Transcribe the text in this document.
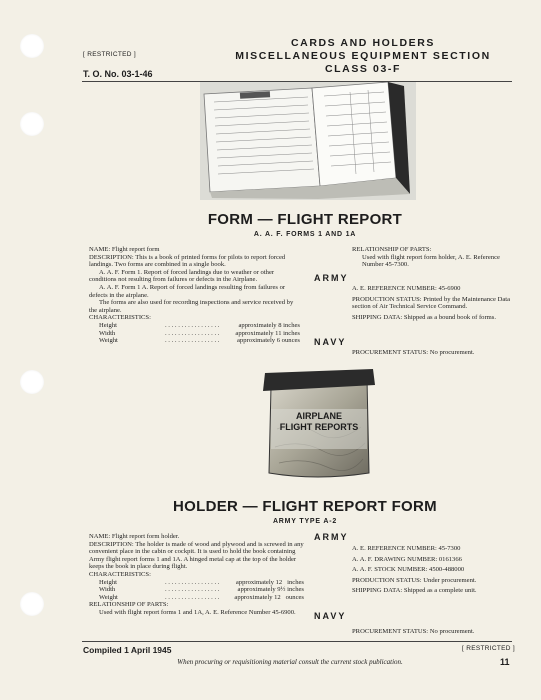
[ RESTRICTED ]
CARDS AND HOLDERS
MISCELLANEOUS EQUIPMENT SECTION
CLASS 03-F
T. O. No. 03-1-46
FORM — FLIGHT REPORT
A. A. F. FORMS 1 AND 1A
NAME: Flight report form
DESCRIPTION: This is a book of printed forms for pilots to report forced landings. Two forms are combined in a single book.
A. A. F. Form 1. Report of forced landings due to weather or other conditions not resulting from failures or defects in the Airplane.
A. A. F. Form 1 A. Report of forced landings resulting from failures or defects in the airplane.
The forms are also used for recording inspections and service received by the airplane.
CHARACTERISTICS:
Height	. . . . . . . . . . . . . . . . .	approximately 8 inches
Width	. . . . . . . . . . . . . . . . .	approximately 11 inches
Weight	. . . . . . . . . . . . . . . . .	approximately 6 ounces
RELATIONSHIP OF PARTS:
Used with flight report form holder, A. E. Reference Number 45-7300.
ARMY
A. E. REFERENCE NUMBER: 45-6900
PRODUCTION STATUS: Printed by the Maintenance Data section of Air Technical Service Command.
SHIPPING DATA: Shipped as a bound book of forms.
NAVY
PROCUREMENT STATUS: No procurement.
AIRPLANE
FLIGHT REPORTS
HOLDER — FLIGHT REPORT FORM
ARMY TYPE A-2
NAME: Flight report form holder.
DESCRIPTION: The holder is made of wood and plywood and is screwed in any convenient place in the cabin or cockpit. It is used to hold the book containing Army flight report forms 1 and 1A. A hinged metal cap at the top of the holder keeps the book in place during flight.
CHARACTERISTICS:
Height	. . . . . . . . . . . . . . . . .	approximately 12   inches
Width	. . . . . . . . . . . . . . . . .	approximately 9½ inches
Weight	. . . . . . . . . . . . . . . . .	approximately 12   ounces
RELATIONSHIP OF PARTS:
Used with flight report forms 1 and 1A, A. E. Reference Number 45-6900.
ARMY
A. E. REFERENCE NUMBER: 45-7300
A. A. F. DRAWING NUMBER: 0161366
A. A. F. STOCK NUMBER: 4500-488000
PRODUCTION STATUS: Under procurement.
SHIPPING DATA: Shipped as a complete unit.
NAVY
PROCUREMENT STATUS: No procurement.
Compiled 1 April 1945	[ RESTRICTED ]
When procuring or requisitioning material consult the current stock publication.	11
